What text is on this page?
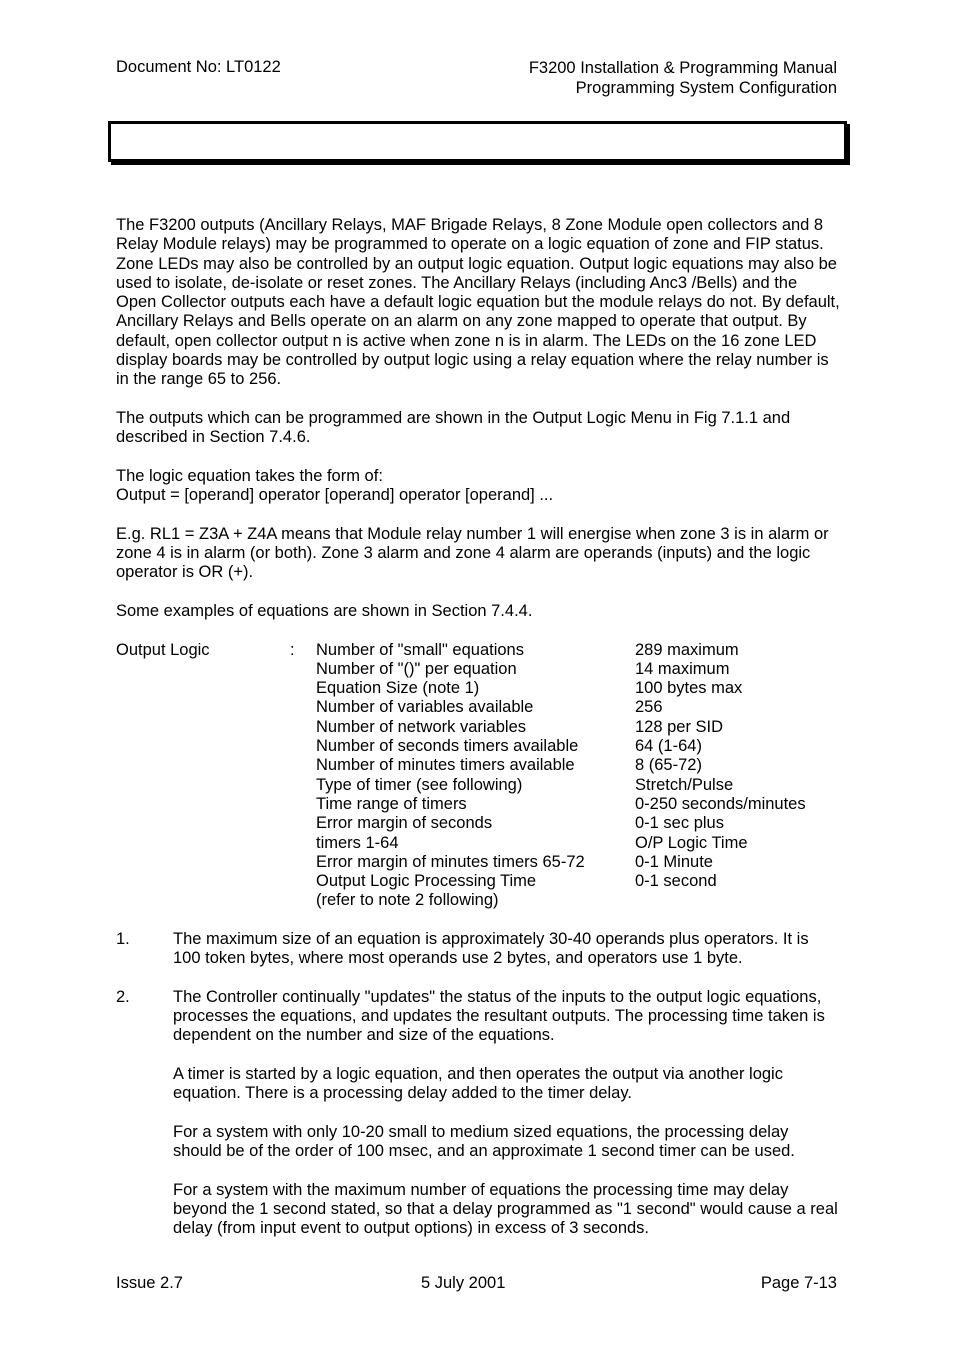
Document No: LT0122	F3200 Installation & Programming Manual
Programming System Configuration

The F3200 outputs (Ancillary Relays, MAF Brigade Relays, 8 Zone Module open collectors and 8 Relay Module relays) may be programmed to operate on a logic equation of zone and FIP status. Zone LEDs may also be controlled by an output logic equation. Output logic equations may also be used to isolate, de-isolate or reset zones. The Ancillary Relays (including Anc3 /Bells) and the Open Collector outputs each have a default logic equation but the module relays do not. By default, Ancillary Relays and Bells operate on an alarm on any zone mapped to operate that output. By default, open collector output n is active when zone n is in alarm. The LEDs on the 16 zone LED display boards may be controlled by output logic using a relay equation where the relay number is in the range 65 to 256.

The outputs which can be programmed are shown in the Output Logic Menu in Fig 7.1.1 and described in Section 7.4.6.

The logic equation takes the form of:
Output = [operand] operator [operand] operator [operand] ...

E.g. RL1 = Z3A + Z4A means that Module relay number 1 will energise when zone 3 is in alarm or zone 4 is in alarm (or both). Zone 3 alarm and zone 4 alarm are operands (inputs) and the logic operator is OR (+).

Some examples of equations are shown in Section 7.4.4.

Output Logic	:	Number of "small" equations	289 maximum
Number of "()" per equation	14 maximum
Equation Size (note 1)	100 bytes max
Number of variables available	256
Number of network variables	128 per SID
Number of seconds timers available	64 (1-64)
Number of minutes timers available	8 (65-72)
Type of timer (see following)	Stretch/Pulse
Time range of timers	0-250 seconds/minutes
Error margin of seconds	0-1 sec plus
timers 1-64	O/P Logic Time
Error margin of minutes timers 65-72	0-1 Minute
Output Logic Processing Time	0-1 second
(refer to note 2 following)
1.	The maximum size of an equation is approximately 30-40 operands plus operators. It is 100 token bytes, where most operands use 2 bytes, and operators use 1 byte.

2.	The Controller continually "updates" the status of the inputs to the output logic equations, processes the equations, and updates the resultant outputs. The processing time taken is dependent on the number and size of the equations.

A timer is started by a logic equation, and then operates the output via another logic equation. There is a processing delay added to the timer delay.

For a system with only 10-20 small to medium sized equations, the processing delay should be of the order of 100 msec, and an approximate 1 second timer can be used.

For a system with the maximum number of equations the processing time may delay beyond the 1 second stated, so that a delay programmed as "1 second" would cause a real delay (from input event to output options) in excess of 3 seconds.

Issue 2.7	5 July 2001	Page 7-13
